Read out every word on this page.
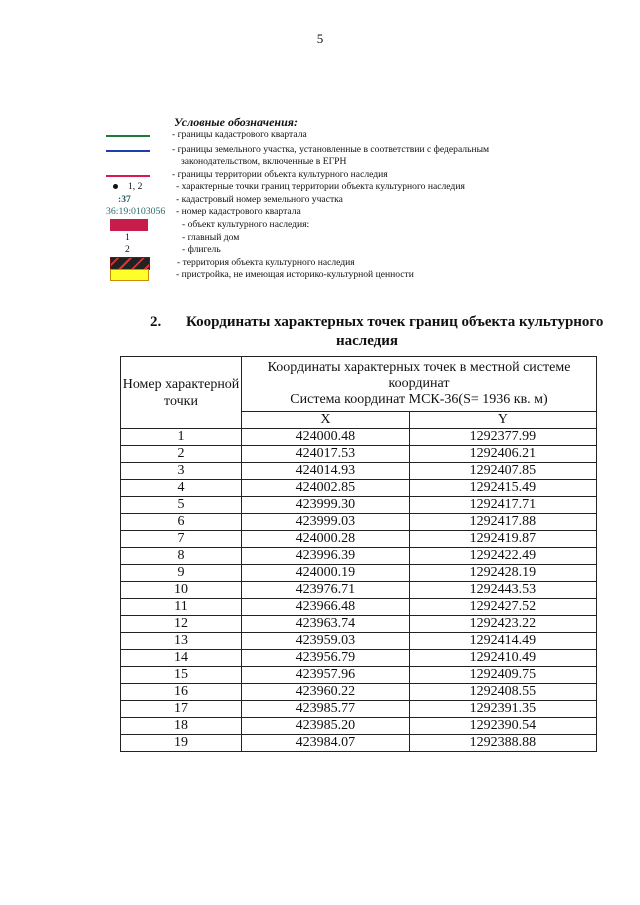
5
Условные обозначения:
- границы кадастрового квартала
- границы земельного участка, установленные в соответствии с федеральным
законодательством, включенные в ЕГРН
- границы территории объекта культурного наследия
1, 2	- характерные точки границ территории объекта культурного наследия
:37	- кадастровый номер земельного участка
36:19:0103056 - номер кадастрового квартала
- объект культурного наследия:
1	- главный дом
2	- флигель
- территория объекта культурного наследия
- пристройка, не имеющая историко-культурной ценности
2. Координаты характерных точек границ объекта культурного
наследия
Номер характерной точки	Координаты характерных точек в местной системе координат
Система координат МСК-36(S= 1936 кв. м)	

	X	Y
1	424000.48	1292377.99
2	424017.53	1292406.21
3	424014.93	1292407.85
4	424002.85	1292415.49
5	423999.30	1292417.71
6	423999.03	1292417.88
7	424000.28	1292419.87
8	423996.39	1292422.49
9	424000.19	1292428.19
10	423976.71	1292443.53
11	423966.48	1292427.52
12	423963.74	1292423.22
13	423959.03	1292414.49
14	423956.79	1292410.49
15	423957.96	1292409.75
16	423960.22	1292408.55
17	423985.77	1292391.35
18	423985.20	1292390.54
19	423984.07	1292388.88
